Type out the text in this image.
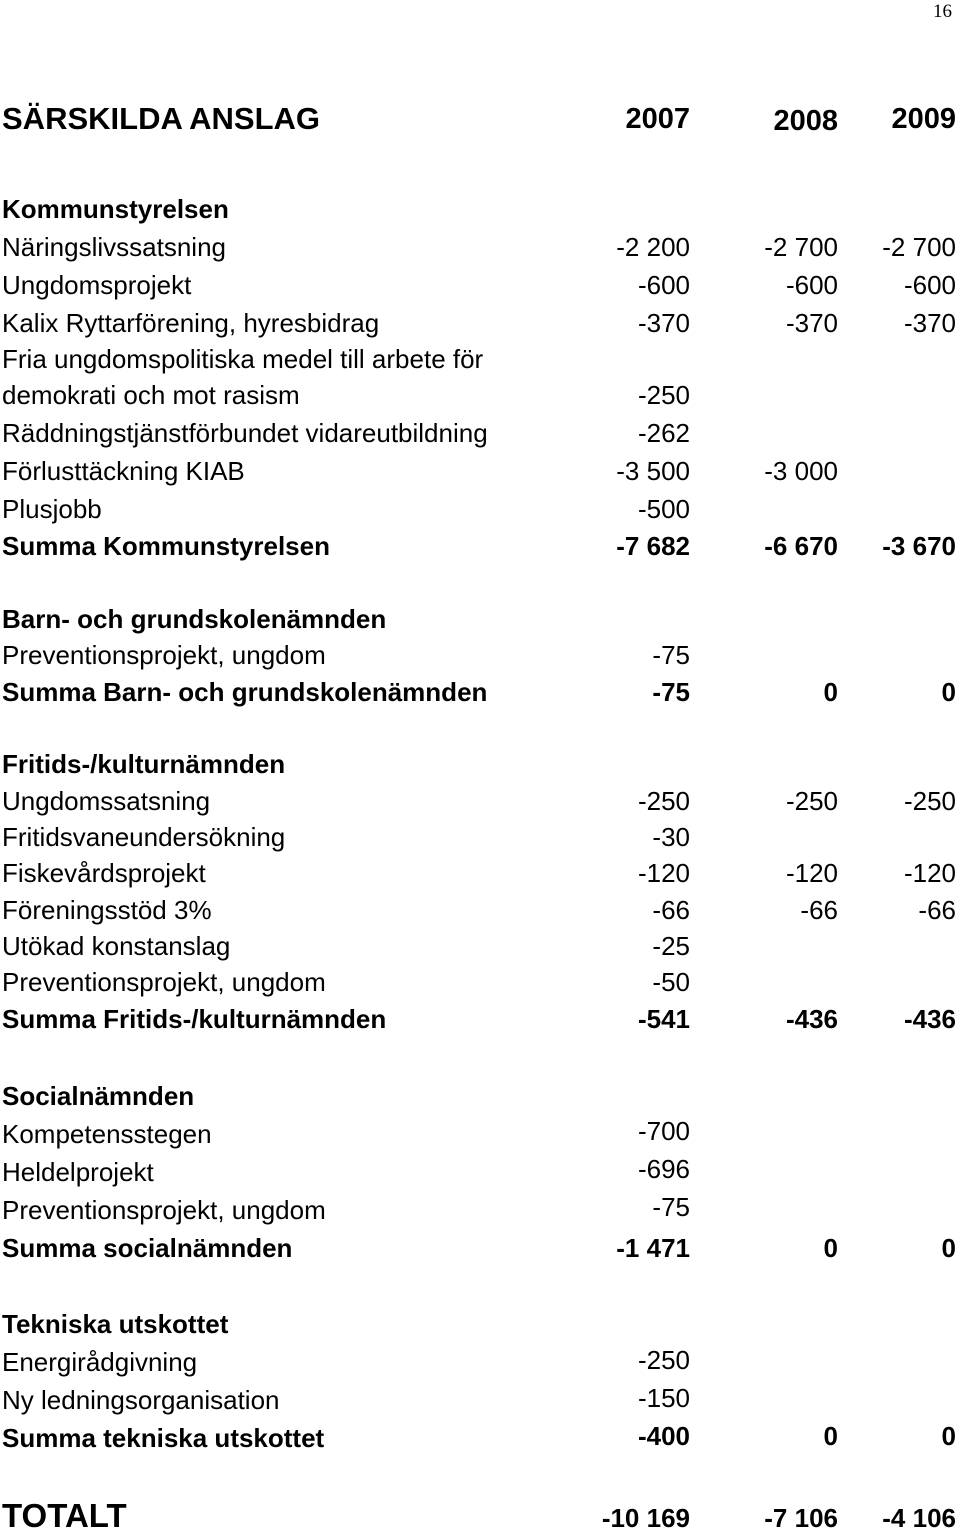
16
SÄRSKILDA ANSLAG	2007	2008	2009
Kommunstyrelsen
Näringslivssatsning	-2 200	-2 700	-2 700
Ungdomsprojekt	-600	-600	-600
Kalix Ryttarförening, hyresbidrag	-370	-370	-370
Fria ungdomspolitiska medel till arbete för
demokrati och mot rasism	-250
Räddningstjänstförbundet vidareutbildning	-262
Förlusttäckning KIAB	-3 500	-3 000
Plusjobb	-500
Summa Kommunstyrelsen	-7 682	-6 670	-3 670
Barn- och grundskolenämnden
Preventionsprojekt, ungdom	-75
Summa Barn- och grundskolenämnden	-75	0	0
Fritids-/kulturnämnden
Ungdomssatsning	-250	-250	-250
Fritidsvaneundersökning	-30
Fiskevårdsprojekt	-120	-120	-120
Föreningsstöd 3%	-66	-66	-66
Utökad konstanslag	-25
Preventionsprojekt, ungdom	-50
Summa Fritids-/kulturnämnden	-541	-436	-436
Socialnämnden
Kompetensstegen	-700
Heldelprojekt	-696
Preventionsprojekt, ungdom	-75
Summa socialnämnden	-1 471	0	0
Tekniska utskottet
Energirådgivning	-250
Ny ledningsorganisation	-150
Summa tekniska utskottet	-400	0	0
TOTALT	-10 169	-7 106	-4 106
